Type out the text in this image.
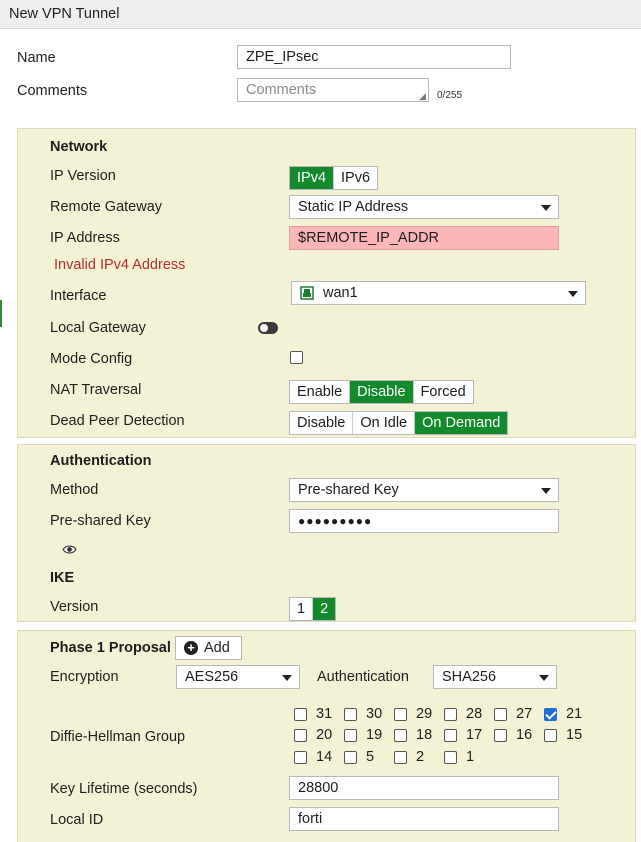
New VPN Tunnel
Name	ZPE_IPsec
Comments	Comments	◢ 0/255
Network
IP Version	IPv4	IPv6
Remote Gateway	Static IP Address
IP Address	$REMOTE_IP_ADDR
Invalid IPv4 Address
Interface	wan1
Local Gateway
Mode Config
NAT Traversal	Enable	Disable	Forced
Dead Peer Detection	Disable	On Idle	On Demand
Authentication
Method	Pre-shared Key
Pre-shared Key	●●●●●●●●●
IKE
Version	1	2
Phase 1 Proposal + Add
Encryption	AES256	Authentication	SHA256
Diffie-Hellman Group
31 30 29 28 27 21
20 19 18 17 16 15
14 5	2	1
Key Lifetime (seconds)	28800
Local ID	forti
